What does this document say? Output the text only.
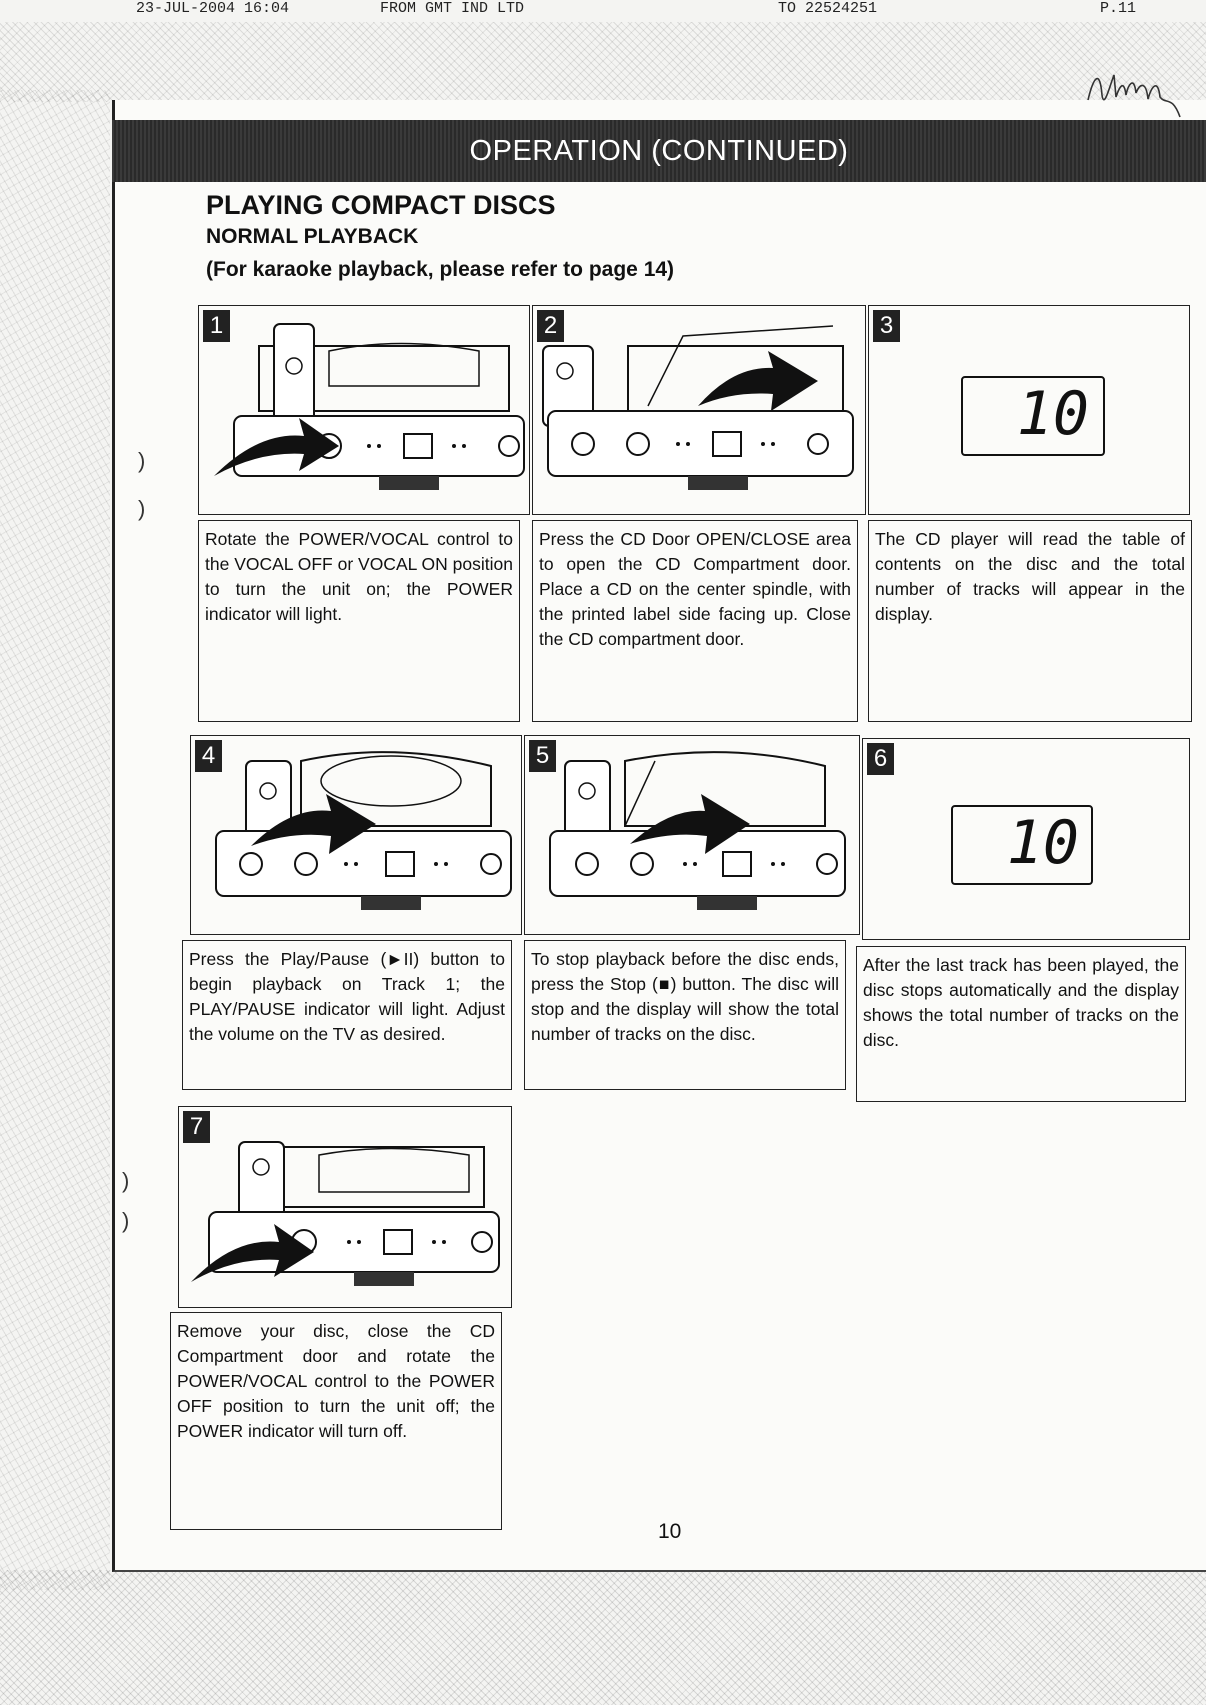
23-JUL-2004 16:04	FROM GMT IND LTD	TO 22524251	P.11
OPERATION (CONTINUED)
PLAYING COMPACT DISCS
NORMAL PLAYBACK
(For karaoke playback, please refer to page 14)
)
)
)
)
1
Rotate the POWER/VOCAL control to the VOCAL OFF or VOCAL ON position to turn the unit on; the POWER indicator will light.
2
Press the CD Door OPEN/CLOSE area to open the CD Compartment door. Place a CD on the center spindle, with the printed label side facing up. Close the CD compartment door.
3
10
The CD player will read the table of contents on the disc and the total number of tracks will appear in the display.
4
Press the Play/Pause (►II) button to begin playback on Track 1; the PLAY/PAUSE indicator will light. Adjust the volume on the TV as desired.
5
To stop playback before the disc ends, press the Stop (■) button. The disc will stop and the display will show the total number of tracks on the disc.
6
10
After the last track has been played, the disc stops automatically and the display shows the total number of tracks on the disc.
7
Remove your disc, close the CD Compartment door and rotate the POWER/VOCAL control to the POWER OFF position to turn the unit off; the POWER indicator will turn off.
10
